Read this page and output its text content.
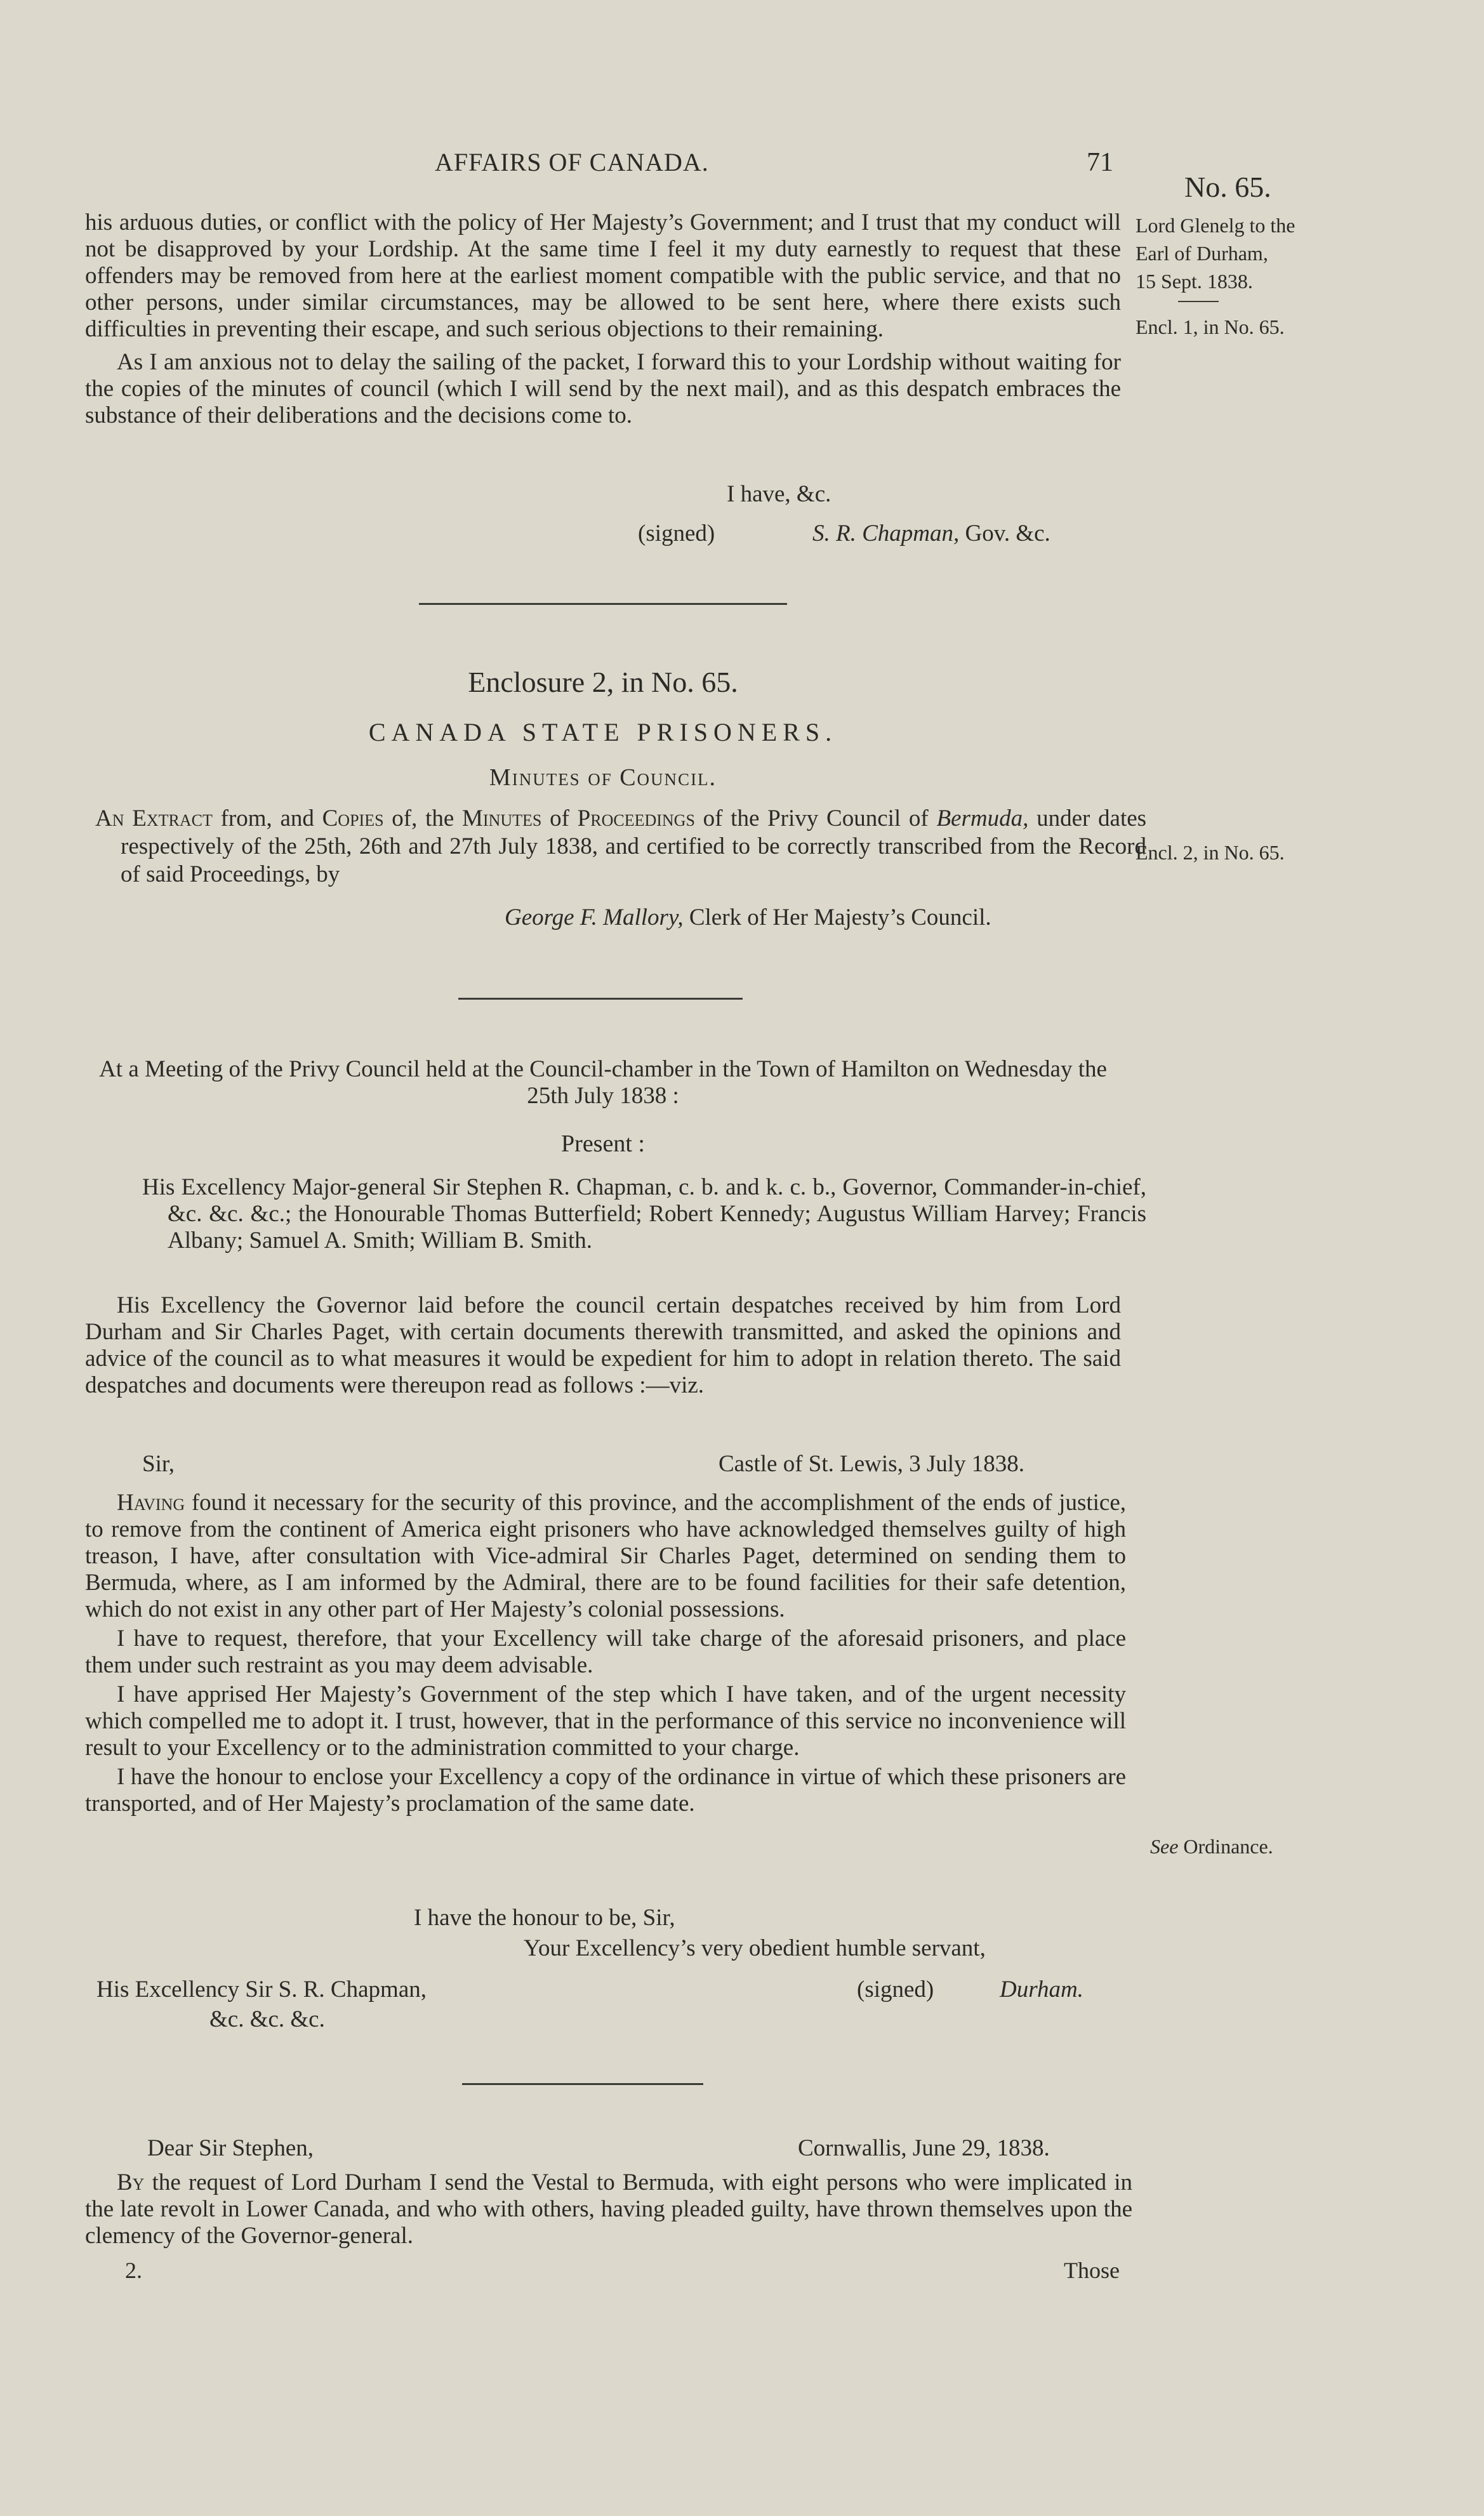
AFFAIRS OF CANADA.	71
No. 65.
Lord Glenelg to the
Earl of Durham,
15 Sept. 1838.
Encl. 1, in No. 65.
Encl. 2, in No. 65.
See Ordinance.

his arduous duties, or conflict with the policy of Her Majesty’s Government; and I trust that my conduct will not be disapproved by your Lordship. At the same time I feel it my duty earnestly to request that these offenders may be removed from here at the earliest moment compatible with the public service, and that no other persons, under similar circumstances, may be allowed to be sent here, where there exists such difficulties in preventing their escape, and such serious objections to their remaining.

As I am anxious not to delay the sailing of the packet, I forward this to your Lordship without waiting for the copies of the minutes of council (which I will send by the next mail), and as this despatch embraces the substance of their deliberations and the decisions come to.

I have, &c.
(signed)	S. R. Chapman, Gov. &c.
Enclosure 2, in No. 65.
CANADA STATE PRISONERS.
Minutes of Council.
An Extract from, and Copies of, the Minutes of Proceedings of the Privy Council of Bermuda, under dates respectively of the 25th, 26th and 27th July 1838, and certified to be correctly transcribed from the Record of said Proceedings, by
George F. Mallory, Clerk of Her Majesty’s Council.
At a Meeting of the Privy Council held at the Council-chamber in the Town of Hamilton on Wednesday the 25th July 1838 :
Present :
His Excellency Major-general Sir Stephen R. Chapman, c. b. and k. c. b., Governor, Commander-in-chief, &c. &c. &c.; the Honourable Thomas Butterfield; Robert Kennedy; Augustus William Harvey; Francis Albany; Samuel A. Smith; William B. Smith.
His Excellency the Governor laid before the council certain despatches received by him from Lord Durham and Sir Charles Paget, with certain documents therewith transmitted, and asked the opinions and advice of the council as to what measures it would be expedient for him to adopt in relation thereto. The said despatches and documents were thereupon read as follows :—viz.
Sir,	Castle of St. Lewis, 3 July 1838.

Having found it necessary for the security of this province, and the accomplishment of the ends of justice, to remove from the continent of America eight prisoners who have acknowledged themselves guilty of high treason, I have, after consultation with Vice-admiral Sir Charles Paget, determined on sending them to Bermuda, where, as I am informed by the Admiral, there are to be found facilities for their safe detention, which do not exist in any other part of Her Majesty’s colonial possessions.

I have to request, therefore, that your Excellency will take charge of the aforesaid prisoners, and place them under such restraint as you may deem advisable.

I have apprised Her Majesty’s Government of the step which I have taken, and of the urgent necessity which compelled me to adopt it. I trust, however, that in the performance of this service no inconvenience will result to your Excellency or to the administration committed to your charge.

I have the honour to enclose your Excellency a copy of the ordinance in virtue of which these prisoners are transported, and of Her Majesty’s proclamation of the same date.

I have the honour to be, Sir,
Your Excellency’s very obedient humble servant,
His Excellency Sir S. R. Chapman,
&c. &c. &c.
(signed)	Durham.
Dear Sir Stephen,	Cornwallis, June 29, 1838.
By the request of Lord Durham I send the Vestal to Bermuda, with eight persons who were implicated in the late revolt in Lower Canada, and who with others, having pleaded guilty, have thrown themselves upon the clemency of the Governor-general.
2.	Those
